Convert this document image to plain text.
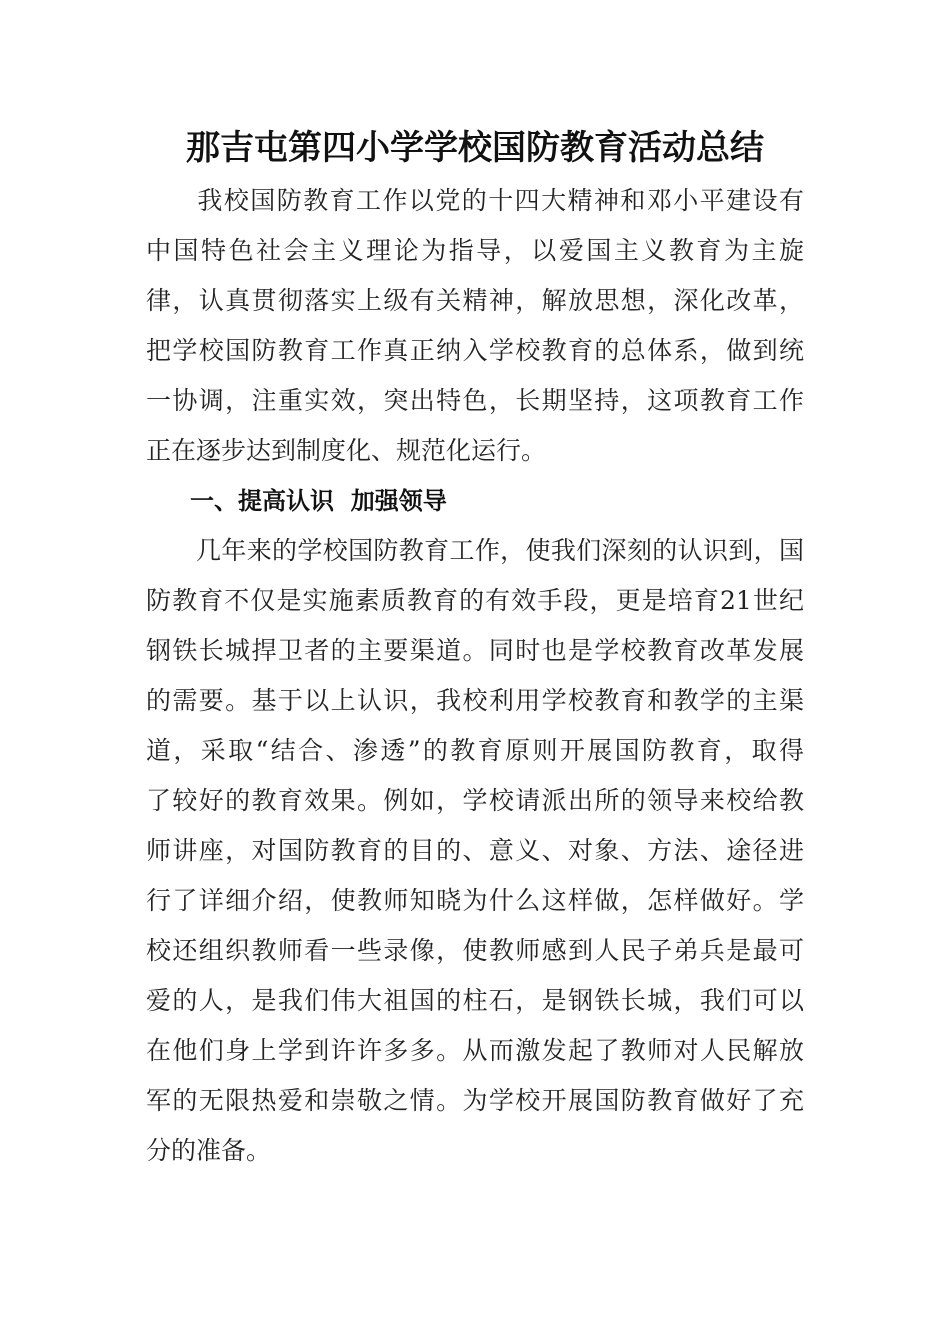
那吉屯第四小学学校国防教育活动总结
　我校国防教育工作以党的十四大精神和邓小平建设有
中国特色社会主义理论为指导，以爱国主义教育为主旋
律，认真贯彻落实上级有关精神，解放思想，深化改革，
把学校国防教育工作真正纳入学校教育的总体系，做到统
一协调，注重实效，突出特色，长期坚持，这项教育工作
正在逐步达到制度化、规范化运行。
一、提高认识  加强领导
几年来的学校国防教育工作，使我们深刻的认识到，国
防教育不仅是实施素质教育的有效手段，更是培育21世纪
钢铁长城捍卫者的主要渠道。同时也是学校教育改革发展
的需要。基于以上认识，我校利用学校教育和教学的主渠
道，采取“结合、渗透”的教育原则开展国防教育，取得
了较好的教育效果。例如，学校请派出所的领导来校给教
师讲座，对国防教育的目的、意义、对象、方法、途径进
行了详细介绍，使教师知晓为什么这样做，怎样做好。学
校还组织教师看一些录像，使教师感到人民子弟兵是最可
爱的人，是我们伟大祖国的柱石，是钢铁长城，我们可以
在他们身上学到许许多多。从而激发起了教师对人民解放
军的无限热爱和崇敬之情。为学校开展国防教育做好了充
分的准备。
